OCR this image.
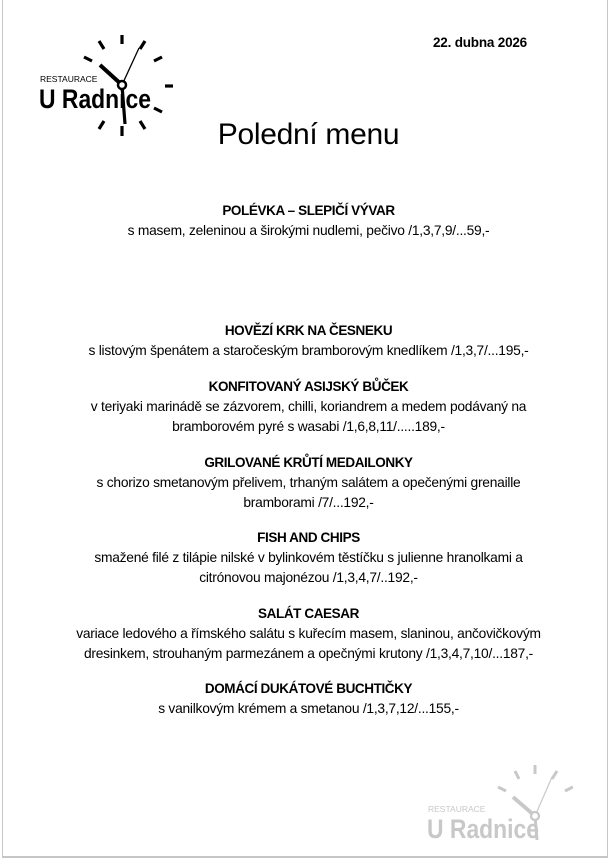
RESTAURACE
U Radnice
22. dubna 2026
Polední menu
POLÉVKA – SLEPIČÍ VÝVAR
s masem, zeleninou a širokými nudlemi, pečivo /1,3,7,9/...59,-
HOVĚZÍ KRK NA ČESNEKU
s listovým špenátem a staročeským bramborovým knedlíkem /1,3,7/...195,-
KONFITOVANÝ ASIJSKÝ BŮČEK
v teriyaki marinádě se zázvorem, chilli, koriandrem a medem podávaný na
bramborovém pyré s wasabi /1,6,8,11/.....189,-
GRILOVANÉ KRŮTÍ MEDAILONKY
s chorizo smetanovým přelivem, trhaným salátem a opečenými grenaille
bramborami /7/...192,-
FISH AND CHIPS
smažené filé z tilápie nilské v bylinkovém těstíčku s julienne hranolkami a
citrónovou majonézou /1,3,4,7/..192,-
SALÁT CAESAR
variace ledového a římského salátu s kuřecím masem, slaninou, ančovičkovým
dresinkem, strouhaným parmezánem a opečnými krutony /1,3,4,7,10/...187,-
DOMÁCÍ DUKÁTOVÉ BUCHTIČKY
s vanilkovým krémem a smetanou /1,3,7,12/...155,-
RESTAURACE
U Radnice
